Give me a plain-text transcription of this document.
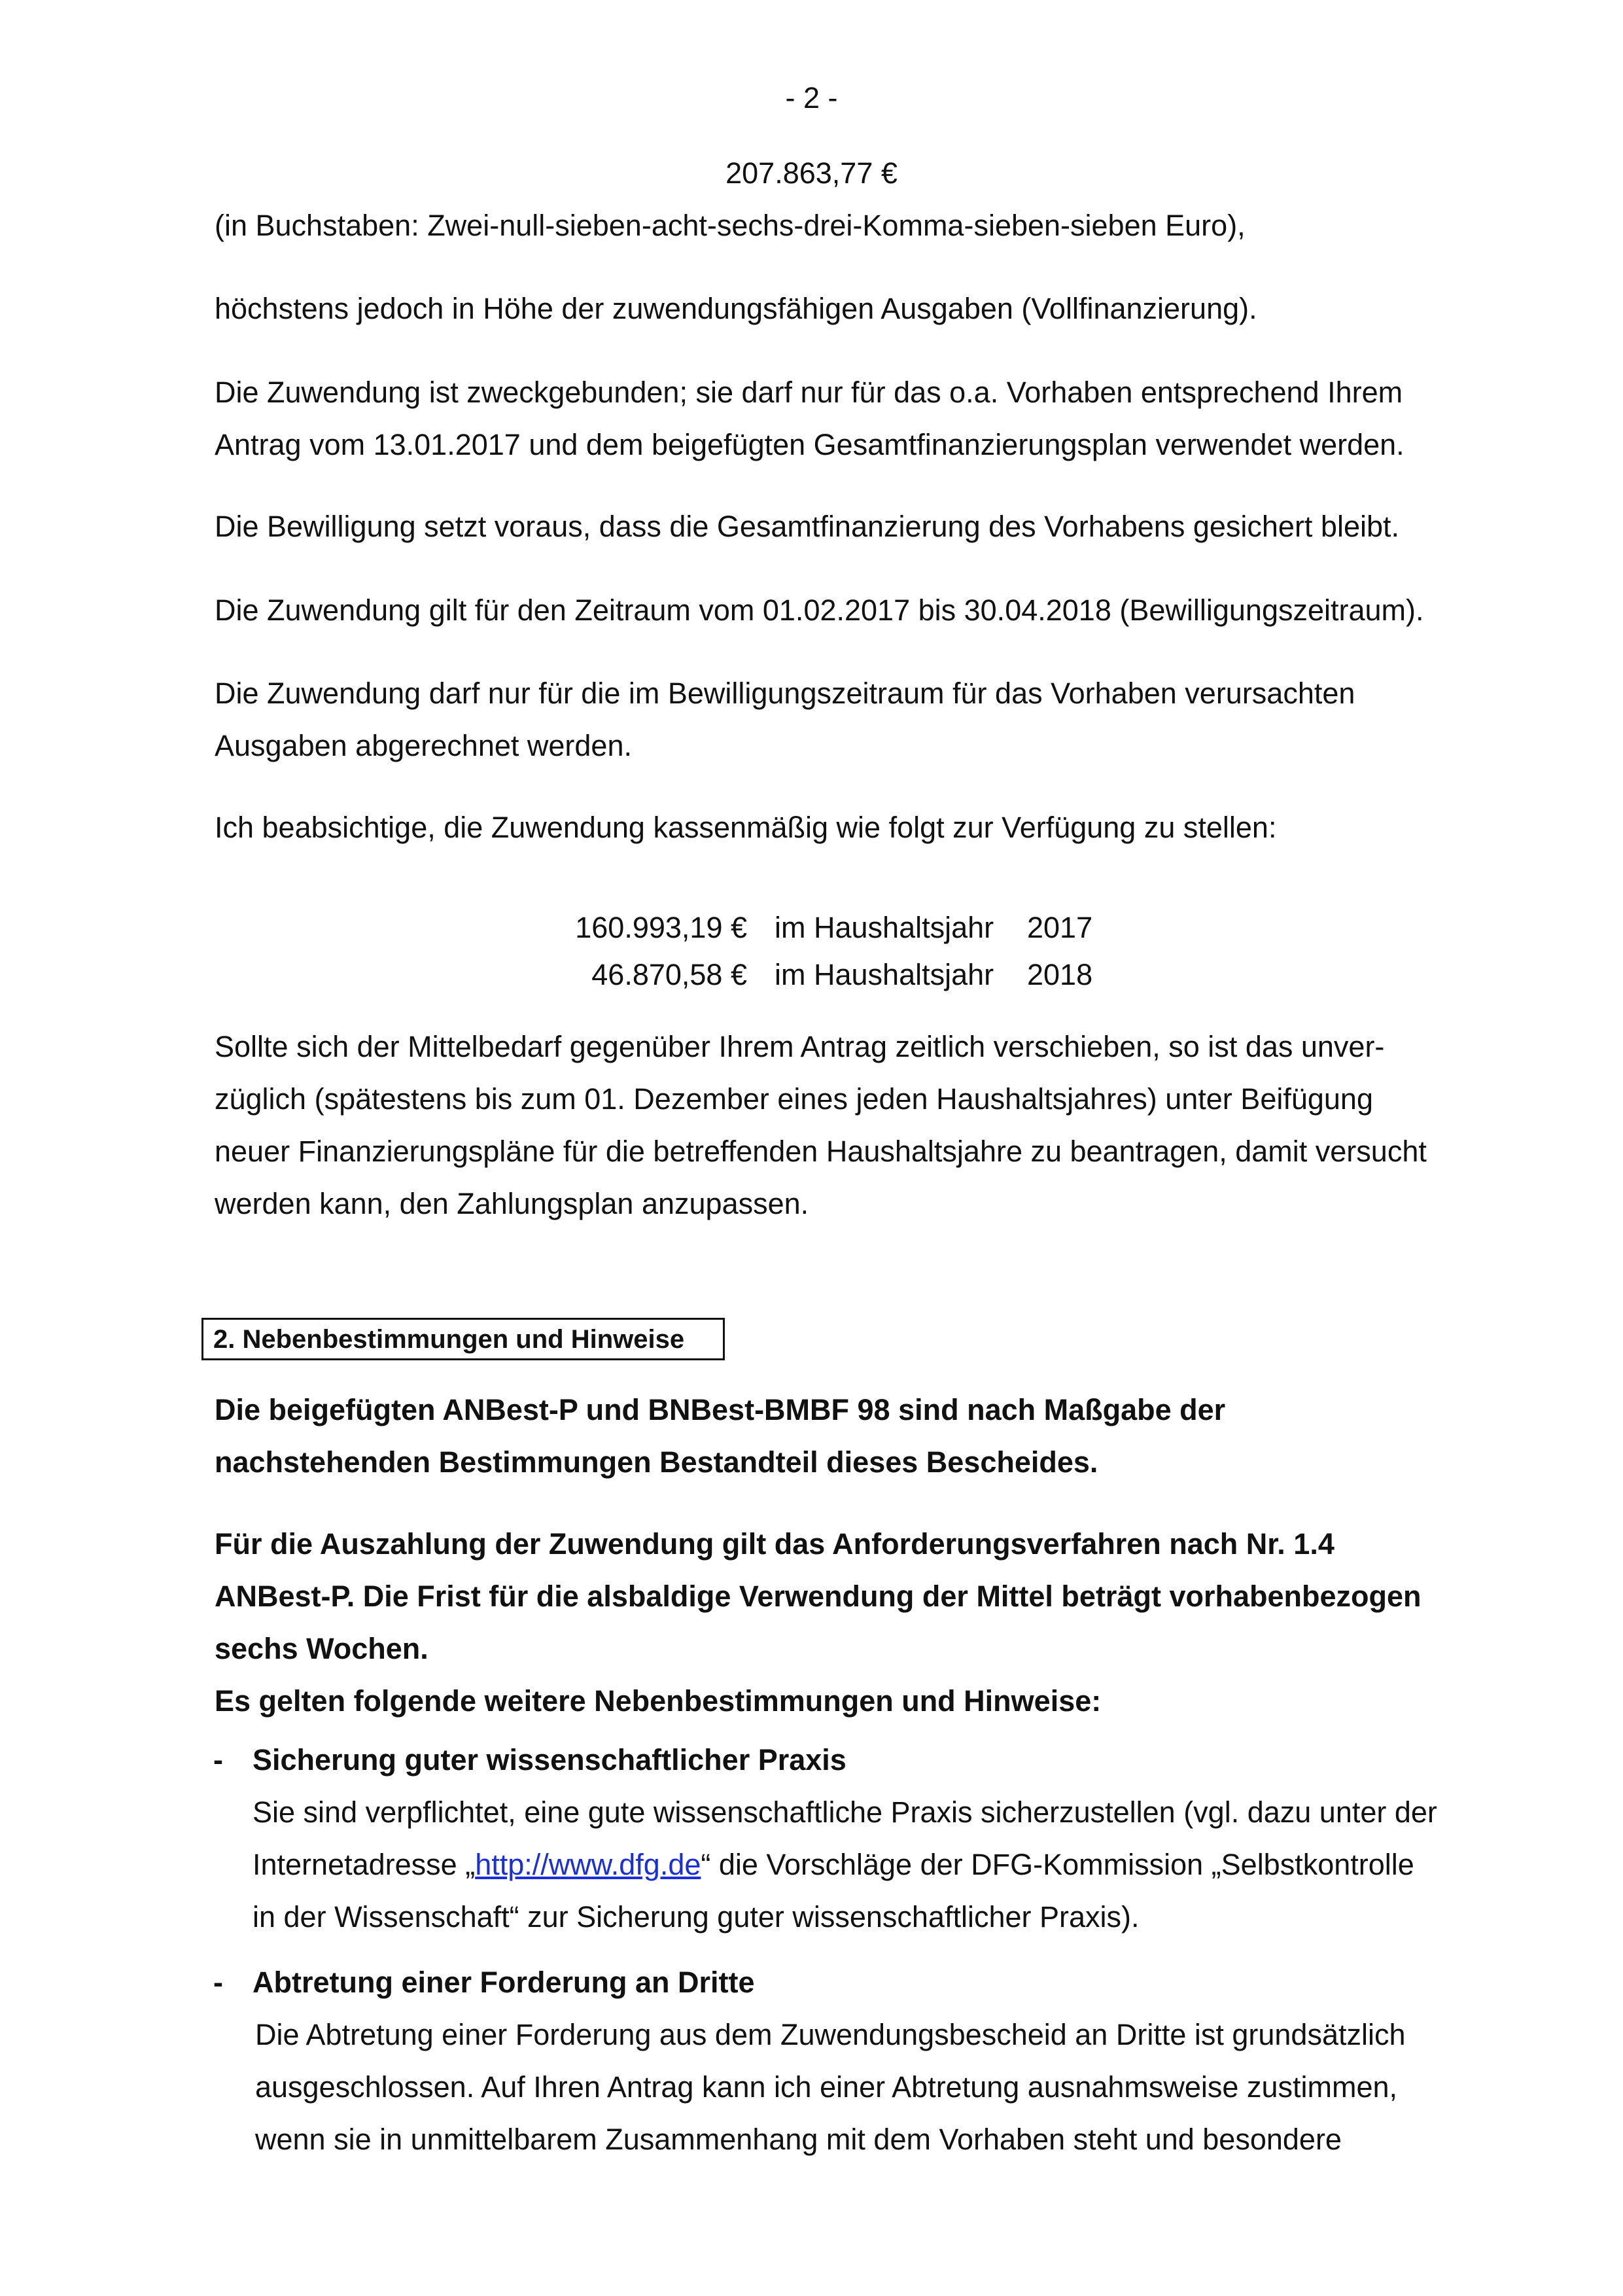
- 2 -
207.863,77 €
(in Buchstaben: Zwei-null-sieben-acht-sechs-drei-Komma-sieben-sieben Euro),
höchstens jedoch in Höhe der zuwendungsfähigen Ausgaben (Vollfinanzierung).
Die Zuwendung ist zweckgebunden; sie darf nur für das o.a. Vorhaben entsprechend Ihrem
Antrag vom 13.01.2017 und dem beigefügten Gesamtfinanzierungsplan verwendet werden.
Die Bewilligung setzt voraus, dass die Gesamtfinanzierung des Vorhabens gesichert bleibt.
Die Zuwendung gilt für den Zeitraum vom 01.02.2017 bis 30.04.2018 (Bewilligungszeitraum).
Die Zuwendung darf nur für die im Bewilligungszeitraum für das Vorhaben verursachten
Ausgaben abgerechnet werden.
Ich beabsichtige, die Zuwendung kassenmäßig wie folgt zur Verfügung zu stellen:
160.993,19 € im Haushaltsjahr 2017
46.870,58 € im Haushaltsjahr 2018
Sollte sich der Mittelbedarf gegenüber Ihrem Antrag zeitlich verschieben, so ist das unver-
züglich (spätestens bis zum 01. Dezember eines jeden Haushaltsjahres) unter Beifügung
neuer Finanzierungspläne für die betreffenden Haushaltsjahre zu beantragen, damit versucht
werden kann, den Zahlungsplan anzupassen.
2. Nebenbestimmungen und Hinweise
Die beigefügten ANBest-P und BNBest-BMBF 98 sind nach Maßgabe der
nachstehenden Bestimmungen Bestandteil dieses Bescheides.
Für die Auszahlung der Zuwendung gilt das Anforderungsverfahren nach Nr. 1.4
ANBest-P. Die Frist für die alsbaldige Verwendung der Mittel beträgt vorhabenbezogen
sechs Wochen.
Es gelten folgende weitere Nebenbestimmungen und Hinweise:
- Sicherung guter wissenschaftlicher Praxis
Sie sind verpflichtet, eine gute wissenschaftliche Praxis sicherzustellen (vgl. dazu unter der
Internetadresse „http://www.dfg.de“ die Vorschläge der DFG-Kommission „Selbstkontrolle
in der Wissenschaft“ zur Sicherung guter wissenschaftlicher Praxis).
- Abtretung einer Forderung an Dritte
Die Abtretung einer Forderung aus dem Zuwendungsbescheid an Dritte ist grundsätzlich
ausgeschlossen. Auf Ihren Antrag kann ich einer Abtretung ausnahmsweise zustimmen,
wenn sie in unmittelbarem Zusammenhang mit dem Vorhaben steht und besondere
